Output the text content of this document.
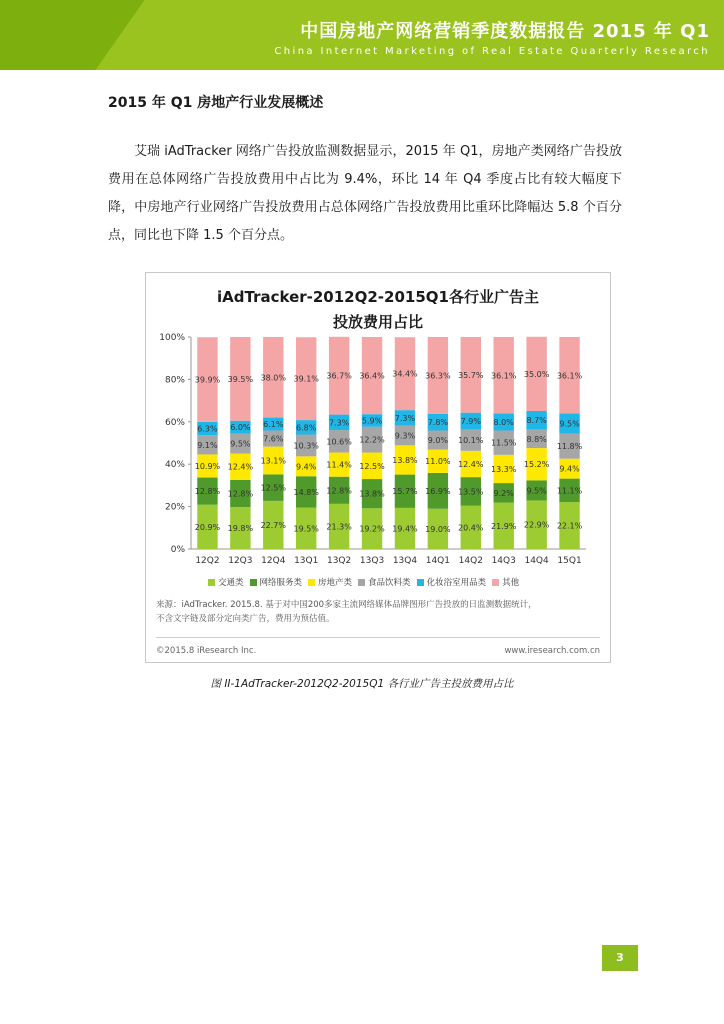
中国房地产网络营销季度数据报告 2015 年 Q1
China Internet Marketing of Real Estate Quarterly Research
2015 年 Q1 房地产行业发展概述

艾瑞 iAdTracker 网络广告投放监测数据显示，2015 年 Q1，房地产类网络广告投放费用在总体网络广告投放费用中占比为 9.4%，环比 14 年 Q4 季度占比有较大幅度下降，中房地产行业网络广告投放费用占总体网络广告投放费用比重环比降幅达 5.8 个百分点，同比也下降 1.5 个百分点。

iAdTracker-2012Q2-2015Q1各行业广告主
投放费用占比
0%
20%
40%
60%
80%
100%
20.9%
12.8%
10.9%
9.1%
6.3%
39.9%
12Q2
19.8%
12.8%
12.4%
9.5%
6.0%
39.5%
12Q3
22.7%
12.5%
13.1%
7.6%
6.1%
38.0%
12Q4
19.5%
14.8%
9.4%
10.3%
6.8%
39.1%
13Q1
21.3%
12.8%
11.4%
10.6%
7.3%
36.7%
13Q2
19.2%
13.8%
12.5%
12.2%
5.9%
36.4%
13Q3
19.4%
15.7%
13.8%
9.3%
7.3%
34.4%
13Q4
19.0%
16.9%
11.0%
9.0%
7.8%
36.3%
14Q1
20.4%
13.5%
12.4%
10.1%
7.9%
35.7%
14Q2
21.9%
9.2%
13.3%
11.5%
8.0%
36.1%
14Q3
22.9%
9.5%
15.2%
8.8%
8.7%
35.0%
14Q4
22.1%
11.1%
9.4%
11.8%
9.5%
36.1%
15Q1
交通类 网络服务类 房地产类 食品饮料类 化妆浴室用品类 其他
来源：iAdTracker. 2015.8. 基于对中国200多家主流网络媒体品牌图形广告投放的日监测数据统计，
不含文字链及部分定向类广告，费用为预估值。
©2015.8 iResearch Inc.	www.iresearch.com.cn
图 II-1AdTracker-2012Q2-2015Q1 各行业广告主投放费用占比
3
